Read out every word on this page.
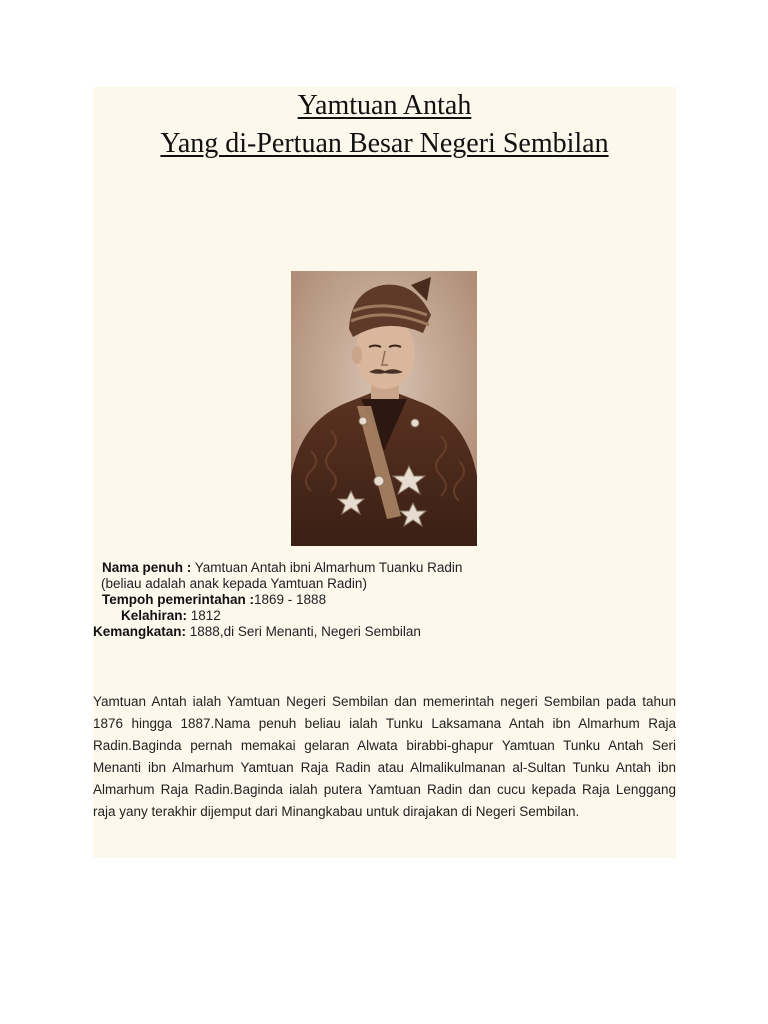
Yamtuan Antah
Yang di-Pertuan Besar Negeri Sembilan
Nama penuh : Yamtuan Antah ibni Almarhum Tuanku Radin
(beliau adalah anak kepada Yamtuan Radin)
Tempoh pemerintahan :1869 - 1888
Kelahiran: 1812
Kemangkatan: 1888,di Seri Menanti, Negeri Sembilan
Yamtuan Antah ialah Yamtuan Negeri Sembilan dan memerintah negeri Sembilan pada tahun 1876 hingga 1887.Nama penuh beliau ialah Tunku Laksamana Antah ibn Almarhum Raja Radin.Baginda pernah memakai gelaran Alwata birabbi-ghapur Yamtuan Tunku Antah Seri Menanti ibn Almarhum Yamtuan Raja Radin atau Almalikulmanan al-Sultan Tunku Antah ibn Almarhum Raja Radin.Baginda ialah putera Yamtuan Radin dan cucu kepada Raja Lenggang raja yany terakhir dijemput dari Minangkabau untuk dirajakan di Negeri Sembilan.
